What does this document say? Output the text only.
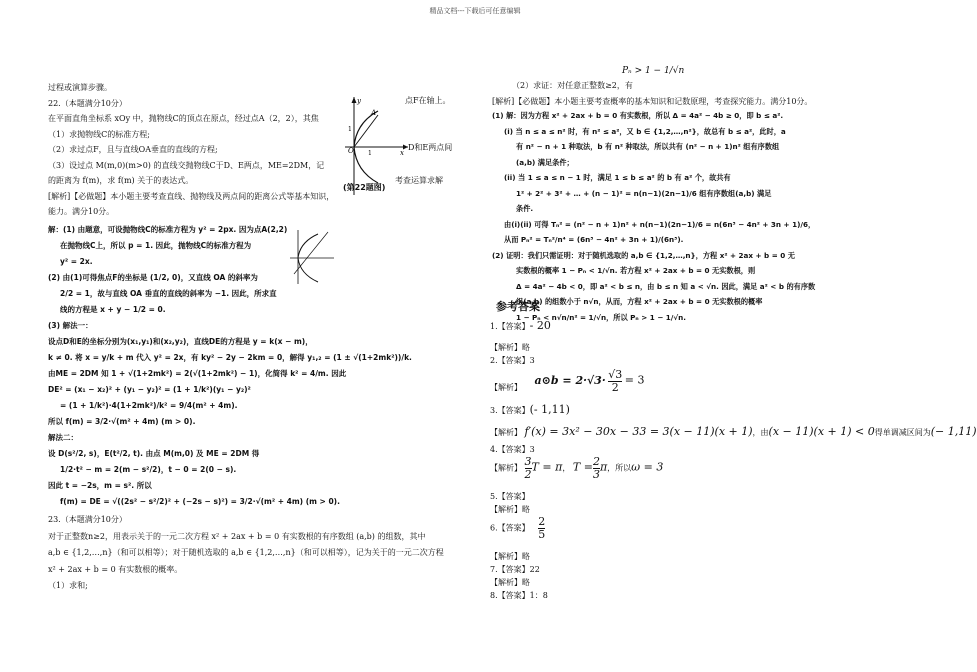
精品文档---下载后可任意编辑
过程或演算步骤。
22.（本题满分10分）
在平面直角坐标系 xOy 中，抛物线C的顶点在原点，经过点A（2，2），其焦
（1）求抛物线C的标准方程;
（2）求过点F，且与直线OA垂直的直线的方程;
（3）设过点 M(m,0)(m>0) 的直线交抛物线C于D、E两点，ME=2DM，记
的距离为 f(m)，求 f(m) 关于的表达式。
[解析]【必做题】本小题主要考查直线、抛物线及两点间的距离公式等基本知识，
能力。满分10分。
解：(1) 由题意，可设抛物线C的标准方程为 y² = 2px. 因为点A(2,2)
在抛物线C上，所以 p = 1. 因此，抛物线C的标准方程为
y² = 2x.
(2) 由(1)可得焦点F的坐标是 (1/2, 0)，又直线 OA 的斜率为
2/2 = 1，故与直线 OA 垂直的直线的斜率为 −1. 因此，所求直
线的方程是 x + y − 1/2 = 0.
(3) 解法一：
设点D和E的坐标分别为(x₁,y₁)和(x₂,y₂)，直线DE的方程是 y = k(x − m)，
k ≠ 0. 将 x = y/k + m 代入 y² = 2x，有 ky² − 2y − 2km = 0，解得 y₁,₂ = (1 ± √(1+2mk²))/k.
由ME = 2DM 知 1 + √(1+2mk²) = 2(√(1+2mk²) − 1)，化简得 k² = 4/m. 因此
DE² = (x₁ − x₂)² + (y₁ − y₂)² = (1 + 1/k²)(y₁ − y₂)²
= (1 + 1/k²)·4(1+2mk²)/k² = 9/4(m² + 4m).
所以 f(m) = 3/2·√(m² + 4m) (m > 0).
解法二：
设 D(s²/2, s)，E(t²/2, t). 由点 M(m,0) 及 ME = 2DM 得
1/2·t² − m = 2(m − s²/2)，t − 0 = 2(0 − s).
因此 t = −2s，m = s². 所以
f(m) = DE = √((2s² − s²/2)² + (−2s − s)²) = 3/2·√(m² + 4m) (m > 0).
点F在轴上。
D和E两点间
考查运算求解
A
O
1
1	x
y
(第22题图)
23.（本题满分10分）
对于正整数n≥2，用表示关于的一元二次方程 x² + 2ax + b = 0 有实数根的有序数组 (a,b) 的组数，其中
a,b ∈ {1,2,…,n}（和可以相等）；对于随机选取的 a,b ∈ {1,2,…,n}（和可以相等），记为关于的一元二次方程
x² + 2ax + b = 0 有实数根的概率。
（1）求和;
Pₙ > 1 − 1/√n
（2）求证：对任意正整数≥2，有
[解析]【必做题】本小题主要考查概率的基本知识和记数原理，考查探究能力。满分10分。
(1) 解：因为方程 x² + 2ax + b = 0 有实数根，所以 Δ = 4a² − 4b ≥ 0，即 b ≤ a².
(i) 当 n ≤ a ≤ n² 时，有 n² ≤ a²，又 b ∈ {1,2,…,n²}，故总有 b ≤ a²，此时，a
有 n² − n + 1 种取法，b 有 n² 种取法，所以共有 (n² − n + 1)n² 组有序数组
(a,b) 满足条件；
(ii) 当 1 ≤ a ≤ n − 1 时，满足 1 ≤ b ≤ a² 的 b 有 a² 个，故共有
1² + 2² + 3² + … + (n − 1)² = n(n−1)(2n−1)/6 组有序数组(a,b) 满足
条件.
由(i)(ii) 可得 Tₙ² = (n² − n + 1)n² + n(n−1)(2n−1)/6 = n(6n³ − 4n² + 3n + 1)/6，
从而 Pₙ² = Tₙ²/n⁴ = (6n³ − 4n² + 3n + 1)/(6n³).
(2) 证明：我们只需证明：对于随机选取的 a,b ∈ {1,2,…,n}，方程 x² + 2ax + b = 0 无
实数根的概率 1 − Pₙ < 1/√n. 若方程 x² + 2ax + b = 0 无实数根，则
Δ = 4a² − 4b < 0，即 a² < b ≤ n，由 b ≤ n 知 a < √n. 因此，满足 a² < b 的有序数
组(a,b) 的组数小于 n√n，从而，方程 x² + 2ax + b = 0 无实数根的概率
1 − Pₙ < n√n/n² = 1/√n，所以 Pₙ > 1 − 1/√n.
参考答案
1.【答案】- 20
【解析】略
2.【答案】3
【解析】 a⊙b = $2\cdot√3\cdot \frac{√3}{2} = 3$
3.【答案】(- 1,11)
【解析】 f′(x) = 3x² − 30x − 33 = 3(x − 11)(x + 1)，由(x − 11)(x + 1) < 0得单调减区间为(− 1,11)
4.【答案】3
【解析】 $\frac{3}{2}$ T = π， $T = \frac{2}{3}$ π，所以ω = 3
5.【答案】
【解析】略
6.【答案】 $\frac{2}{5}$
【解析】略
7.【答案】22
【解析】略
8.【答案】1：8
